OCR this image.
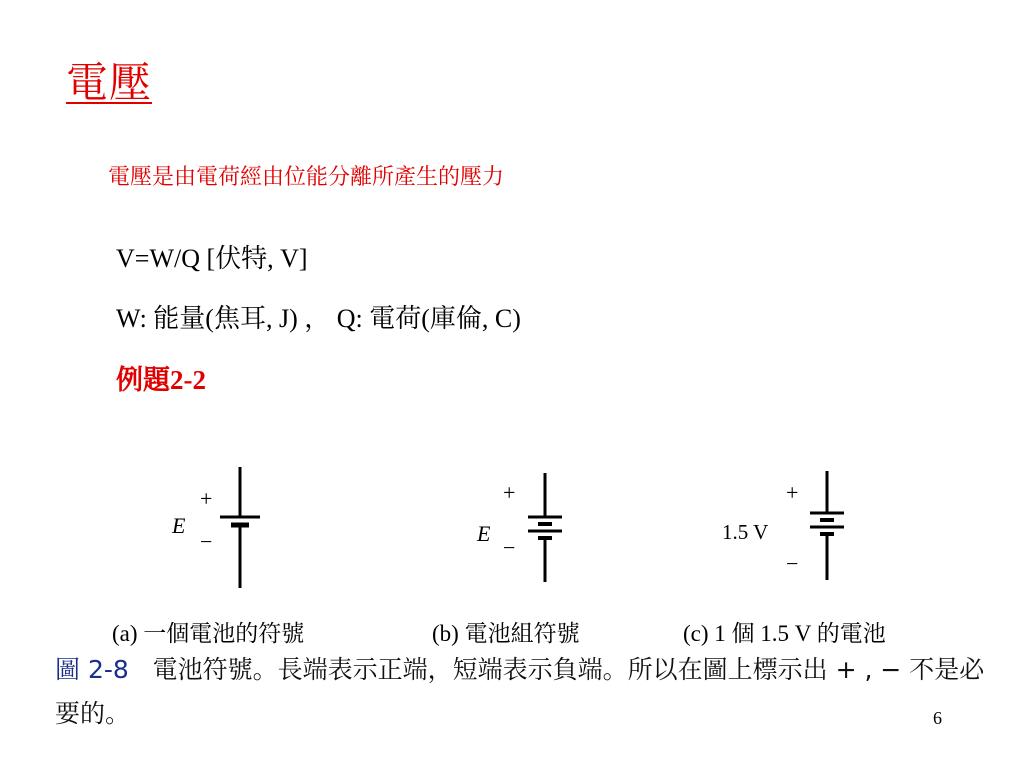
電壓
電壓是由電荷經由位能分離所產生的壓力
V=W/Q [伏特, V]
W: 能量(焦耳, J) ， Q: 電荷(庫倫, C)
例題2-2
+
E
−
+
E
−
+
1.5 V
−
(a) 一個電池的符號	(b) 電池組符號	(c) 1 個 1.5 V 的電池
圖 2-8 電池符號。長端表示正端，短端表示負端。所以在圖上標示出 + , − 不是必要的。	6
